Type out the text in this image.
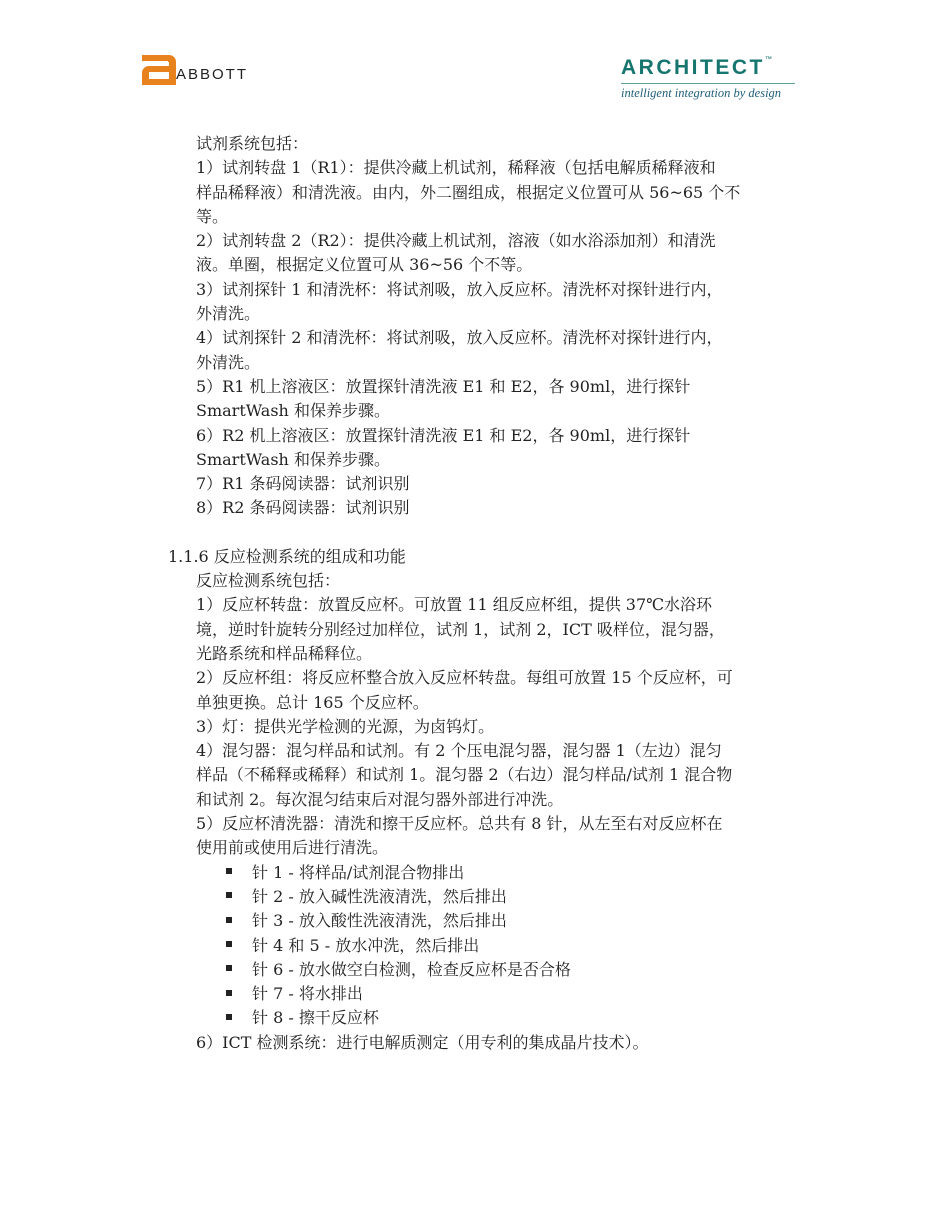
ABBOTT	ARCHITECT™
intelligent integration by design
试剂系统包括：
1）试剂转盘 1（R1）：提供冷藏上机试剂，稀释液（包括电解质稀释液和
样品稀释液）和清洗液。由内，外二圈组成，根据定义位置可从 56~65 个不
等。
2）试剂转盘 2（R2）：提供冷藏上机试剂，溶液（如水浴添加剂）和清洗
液。单圈，根据定义位置可从 36~56 个不等。
3）试剂探针 1 和清洗杯：将试剂吸，放入反应杯。清洗杯对探针进行内，
外清洗。
4）试剂探针 2 和清洗杯：将试剂吸，放入反应杯。清洗杯对探针进行内，
外清洗。
5）R1 机上溶液区：放置探针清洗液 E1 和 E2，各 90ml，进行探针
SmartWash 和保养步骤。
6）R2 机上溶液区：放置探针清洗液 E1 和 E2，各 90ml，进行探针
SmartWash 和保养步骤。
7）R1 条码阅读器：试剂识别
8）R2 条码阅读器：试剂识别
1.1.6 反应检测系统的组成和功能
反应检测系统包括：
1）反应杯转盘：放置反应杯。可放置 11 组反应杯组，提供 37℃水浴环
境，逆时针旋转分别经过加样位，试剂 1，试剂 2，ICT 吸样位，混匀器，
光路系统和样品稀释位。
2）反应杯组：将反应杯整合放入反应杯转盘。每组可放置 15 个反应杯，可
单独更换。总计 165 个反应杯。
3）灯：提供光学检测的光源，为卤钨灯。
4）混匀器：混匀样品和试剂。有 2 个压电混匀器，混匀器 1（左边）混匀
样品（不稀释或稀释）和试剂 1。混匀器 2（右边）混匀样品/试剂 1 混合物
和试剂 2。每次混匀结束后对混匀器外部进行冲洗。
5）反应杯清洗器：清洗和擦干反应杯。总共有 8 针，从左至右对反应杯在
使用前或使用后进行清洗。
针 1 - 将样品/试剂混合物排出
针 2 - 放入碱性洗液清洗，然后排出
针 3 - 放入酸性洗液清洗，然后排出
针 4 和 5 - 放水冲洗，然后排出
针 6 - 放水做空白检测，检查反应杯是否合格
针 7 - 将水排出
针 8 - 擦干反应杯
6）ICT 检测系统：进行电解质测定（用专利的集成晶片技术）。
